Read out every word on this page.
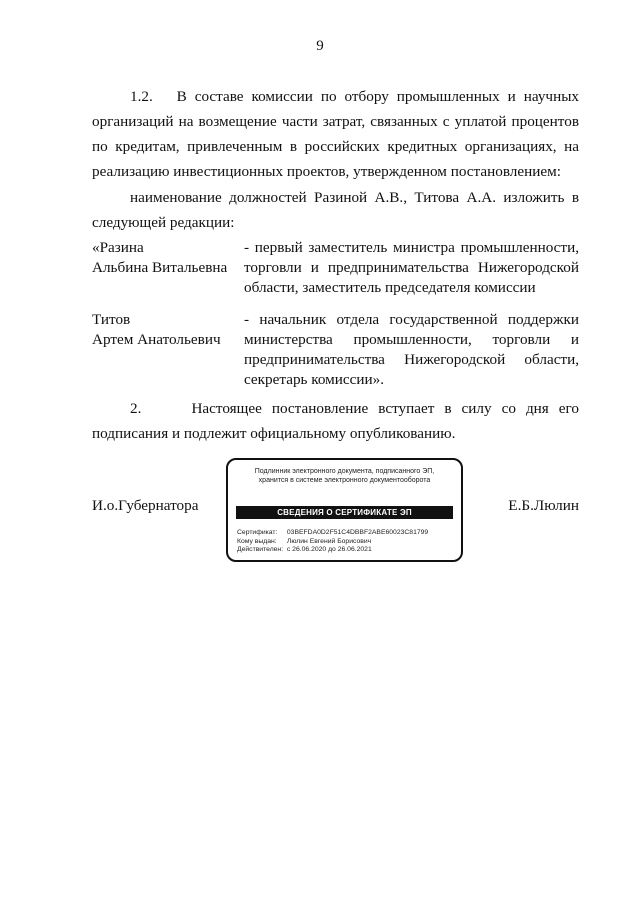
9
1.2.   В составе комиссии по отбору промышленных и научных организаций на возмещение части затрат, связанных с уплатой процентов по кредитам, привлеченным в российских кредитных организациях, на реализацию инвестиционных проектов, утвержденном постановлением:
наименование должностей Разиной А.В., Титова А.А. изложить в следующей редакции:
«Разина
Альбина Витальевна
- первый заместитель министра промышленности, торговли и предпринимательства Нижегородской области, заместитель председателя комиссии
Титов
Артем Анатольевич
- начальник отдела государственной поддержки министерства промышленности, торговли и предпринимательства Нижегородской области, секретарь комиссии».
2.     Настоящее постановление вступает в силу со дня его подписания и подлежит официальному опубликованию.
И.о.Губернатора
Подлинник электронного документа, подписанного ЭП,
хранится в системе электронного документооборота
СВЕДЕНИЯ О СЕРТИФИКАТЕ ЭП
Сертификат: 03BEFDA0D2F51C4DBBF2ABE60023C81799
Кому выдан: Люлин Евгений Борисович
Действителен: с 26.06.2020 до 26.06.2021
Е.Б.Люлин
